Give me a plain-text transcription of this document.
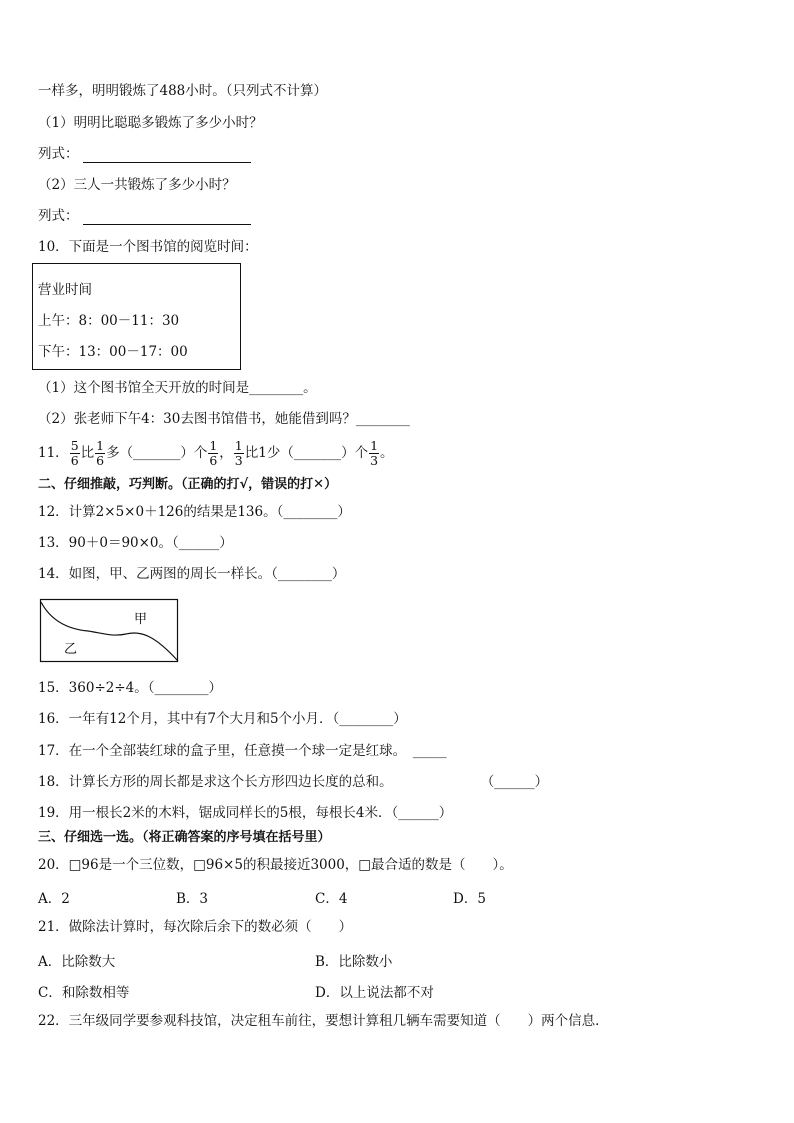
一样多，明明锻炼了488小时。（只列式不计算）
（1）明明比聪聪多锻炼了多少小时？
列式：
（2）三人一共锻炼了多少小时？
列式：
10．下面是一个图书馆的阅览时间：
营业时间
上午：8：00－11：30
下午：13：00－17：00
（1）这个图书馆全天开放的时间是________。
（2）张老师下午4：30去图书馆借书，她能借到吗？________
11． $\frac{5}{6}$ 比 $\frac{1}{6}$ 多（_______）个 $\frac{1}{6}$ ， $\frac{1}{3}$ 比1少（_______）个 $\frac{1}{3}$ 。
二、仔细推敲，巧判断。（正确的打√，错误的打✕）
12．计算2×5×0＋126的结果是136。（________）
13．90＋0＝90×0。（______）
14．如图，甲、乙两图的周长一样长。（________）
甲
乙
15．360÷2÷4。（________）
16．一年有12个月，其中有7个大月和5个小月．（________）
17．在一个全部装红球的盒子里，任意摸一个球一定是红球。　_____
18．计算长方形的周长都是求这个长方形四边长度的总和。	（______）
19．用一根长2米的木料，锯成同样长的5根，每根长4米．（______）
三、仔细选一选。（将正确答案的序号填在括号里）
20．□96是一个三位数，□96×5的积最接近3000，□最合适的数是（　　）。
A．2	B．3	C．4	D．5
21．做除法计算时，每次除后余下的数必须（　　）
A．比除数大	B．比除数小
C．和除数相等	D．以上说法都不对
22．三年级同学要参观科技馆，决定租车前往，要想计算租几辆车需要知道（　　）两个信息．
